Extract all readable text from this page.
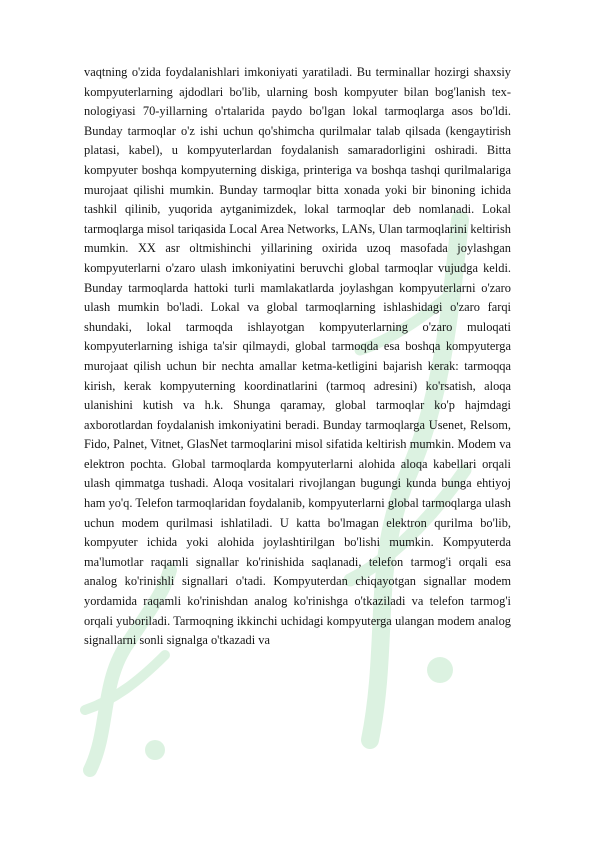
vaqtning o'zida foydalanishlari imkoniyati yaratiladi. Bu terminallar hozirgi shaxsiy kompyuterlarning ajdodlari bo'lib, ularning bosh kompyuter bilan bog'lanish tex-nologiyasi 70-yillarning o'rtalarida paydo bo'lgan lokal tarmoqlarga asos bo'ldi. Bunday tarmoqlar o'z ishi uchun qo'shimcha qurilmalar talab qilsada (kengaytirish platasi, kabel), u kompyuterlardan foydalanish samaradorligini oshiradi. Bitta kompyuter boshqa kompyuterning diskiga, printeriga va boshqa tashqi qurilmalariga murojaat qilishi mumkin. Bunday tarmoqlar bitta xonada yoki bir binoning ichida tashkil qilinib, yuqorida aytganimizdek, lokal tarmoqlar deb nomlanadi. Lokal tarmoqlarga misol tariqasida Local Area Networks, LANs, Ulan tarmoqlarini keltirish mumkin. XX asr oltmishinchi yillarining oxirida uzoq masofada joylashgan kompyuterlarni o'zaro ulash imkoniyatini beruvchi global tarmoqlar vujudga keldi. Bunday tarmoqlarda hattoki turli mamlakatlarda joylashgan kompyuterlarni o'zaro ulash mumkin bo'ladi. Lokal va global tarmoqlarning ishlashidagi o'zaro farqi shundaki, lokal tarmoqda ishlayotgan kompyuterlarning o'zaro muloqati kompyuterlarning ishiga ta'sir qilmaydi, global tarmoqda esa boshqa kompyuterga murojaat qilish uchun bir nechta amallar ketma-ketligini bajarish kerak: tarmoqqa kirish, kerak kompyuterning koordinatlarini (tarmoq adresini) ko'rsatish, aloqa ulanishini kutish va h.k. Shunga qaramay, global tarmoqlar ko'p hajmdagi axborotlardan foydalanish imkoniyatini beradi. Bunday tarmoqlarga Usenet, Relsom, Fido, Palnet, Vitnet, GlasNet tarmoqlarini misol sifatida keltirish mumkin. Modem va elektron pochta. Global tarmoqlarda kompyuterlarni alohida aloqa kabellari orqali ulash qimmatga tushadi. Aloqa vositalari rivojlangan bugungi kunda bunga ehtiyoj ham yo'q. Telefon tarmoqlaridan foydalanib, kompyuterlarni global tarmoqlarga ulash uchun modem qurilmasi ishlatiladi. U katta bo'lmagan elektron qurilma bo'lib, kompyuter ichida yoki alohida joylashtirilgan bo'lishi mumkin. Kompyuterda ma'lumotlar raqamli signallar ko'rinishida saqlanadi, telefon tarmog'i orqali esa analog ko'rinishli signallari o'tadi. Kompyuterdan chiqayotgan signallar modem yordamida raqamli ko'rinishdan analog ko'rinishga o'tkaziladi va telefon tarmog'i orqali yuboriladi. Tarmoqning ikkinchi uchidagi kompyuterga ulangan modem analog signallarni sonli signalga o'tkazadi va
